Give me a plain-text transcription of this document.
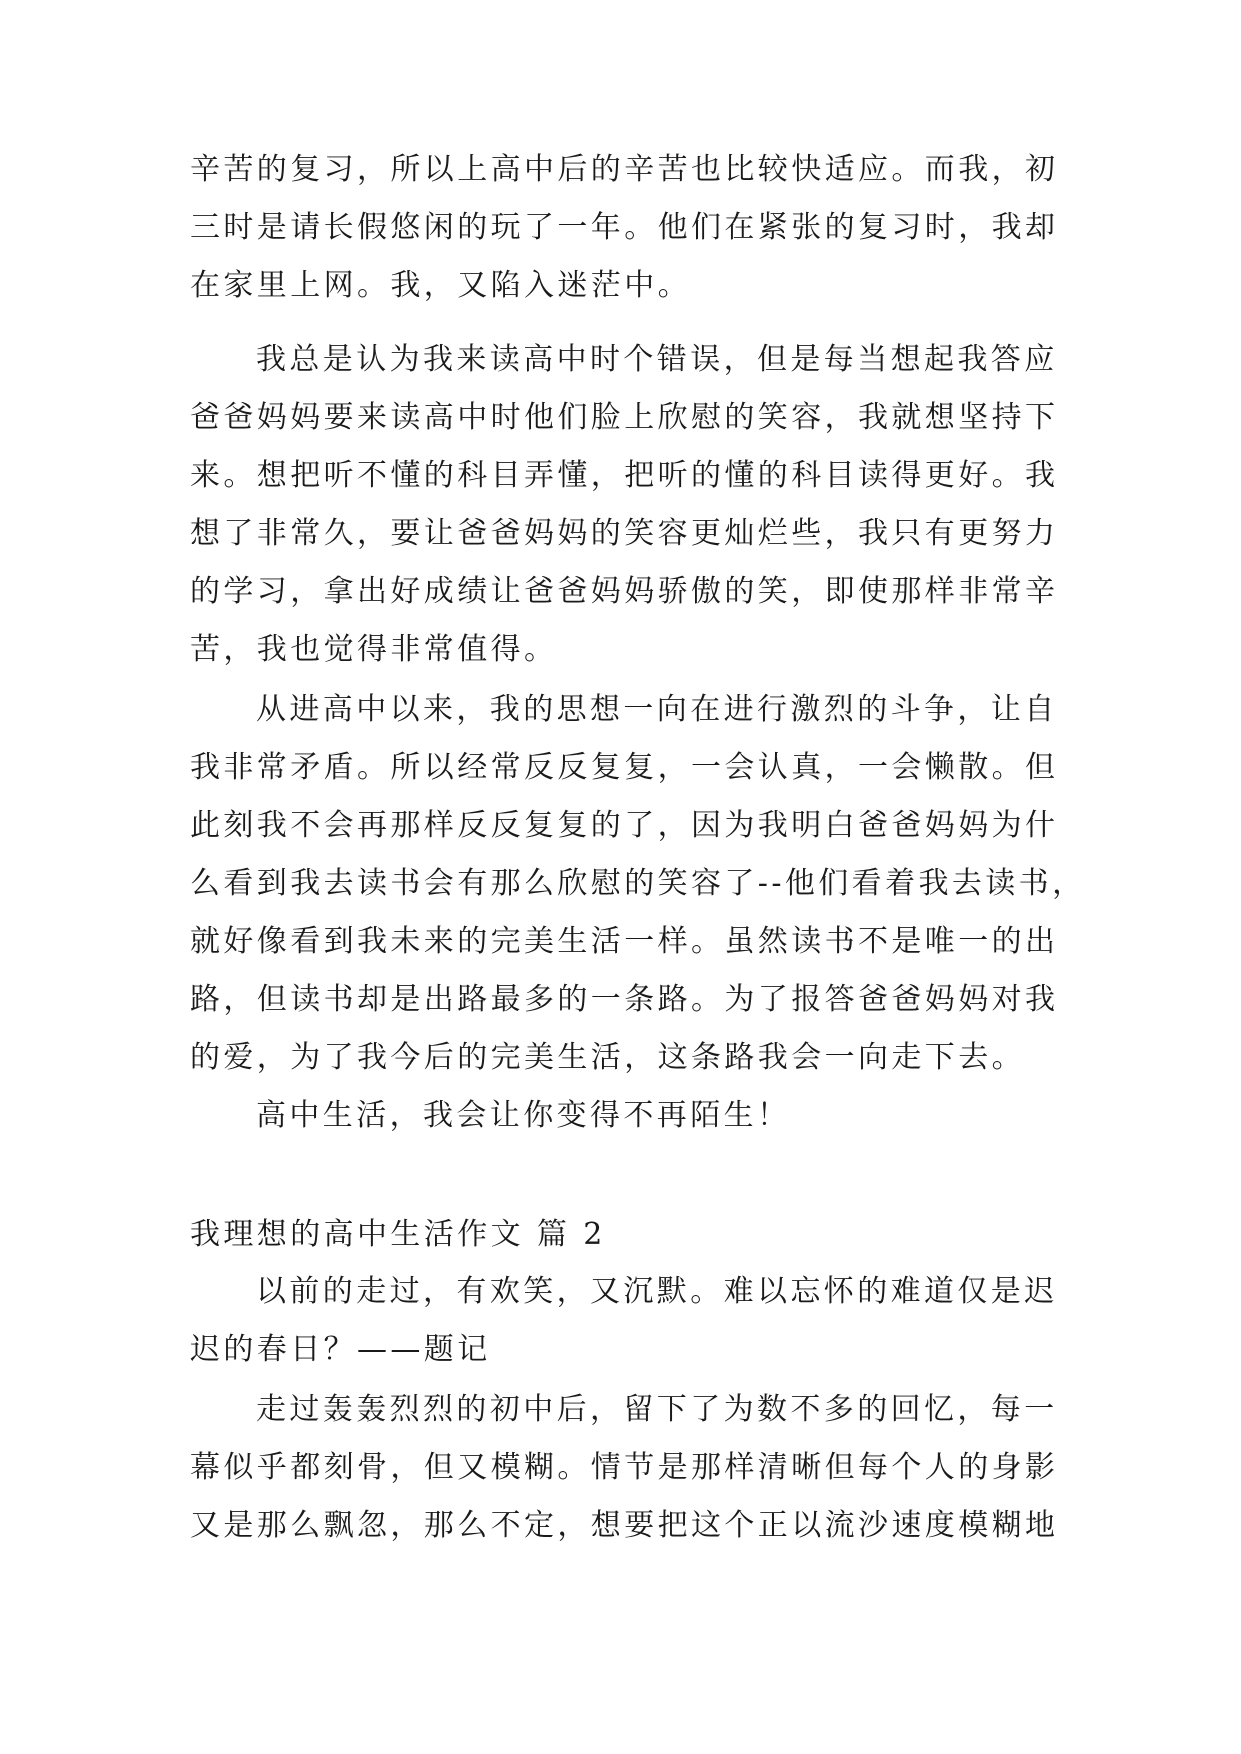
辛苦的复习，所以上高中后的辛苦也比较快适应。而我，初
三时是请长假悠闲的玩了一年。他们在紧张的复习时，我却
在家里上网。我，又陷入迷茫中。
我总是认为我来读高中时个错误，但是每当想起我答应
爸爸妈妈要来读高中时他们脸上欣慰的笑容，我就想坚持下
来。想把听不懂的科目弄懂，把听的懂的科目读得更好。我
想了非常久，要让爸爸妈妈的笑容更灿烂些，我只有更努力
的学习，拿出好成绩让爸爸妈妈骄傲的笑，即使那样非常辛
苦，我也觉得非常值得。
从进高中以来，我的思想一向在进行激烈的斗争，让自
我非常矛盾。所以经常反反复复，一会认真，一会懒散。但
此刻我不会再那样反反复复的了，因为我明白爸爸妈妈为什
么看到我去读书会有那么欣慰的笑容了--他们看着我去读书，
就好像看到我未来的完美生活一样。虽然读书不是唯一的出
路，但读书却是出路最多的一条路。为了报答爸爸妈妈对我
的爱，为了我今后的完美生活，这条路我会一向走下去。
高中生活，我会让你变得不再陌生！
我理想的高中生活作文 篇 2
以前的走过，有欢笑，又沉默。难以忘怀的难道仅是迟
迟的春日？——题记
走过轰轰烈烈的初中后，留下了为数不多的回忆，每一
幕似乎都刻骨，但又模糊。情节是那样清晰但每个人的身影
又是那么飘忽，那么不定，想要把这个正以流沙速度模糊地
